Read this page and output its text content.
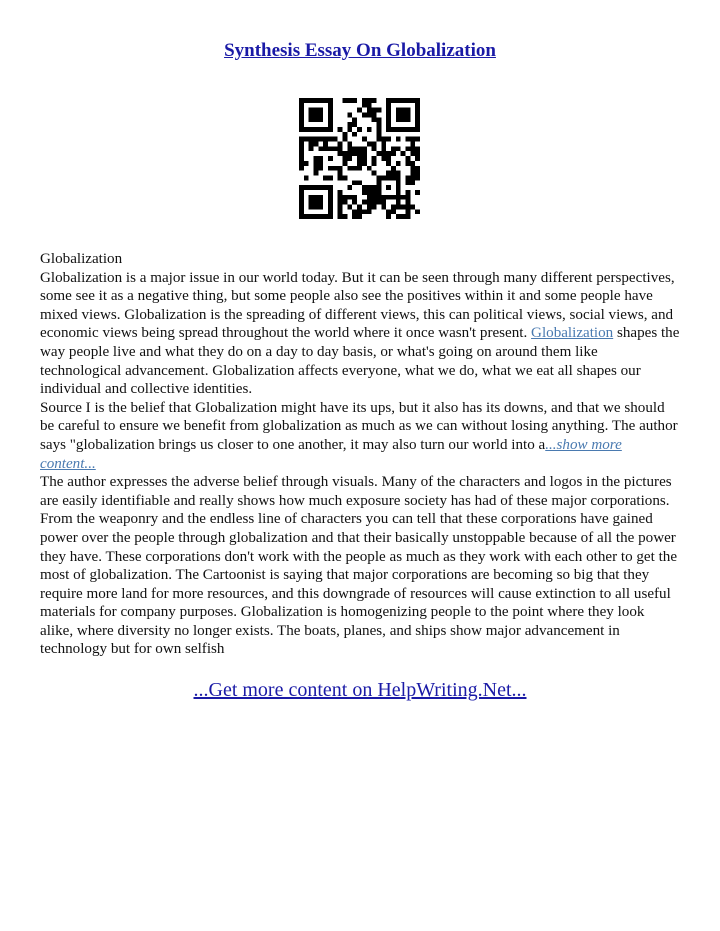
Synthesis Essay On Globalization

Globalization

Globalization is a major issue in our world today. But it can be seen through many different perspectives, some see it as a negative thing, but some people also see the positives within it and some people have mixed views. Globalization is the spreading of different views, this can political views, social views, and economic views being spread throughout the world where it once wasn't present. Globalization shapes the way people live and what they do on a day to day basis, or what's going on around them like technological advancement. Globalization affects everyone, what we do, what we eat all shapes our individual and collective identities.

Source I is the belief that Globalization might have its ups, but it also has its downs, and that we should be careful to ensure we benefit from globalization as much as we can without losing anything. The author says "globalization brings us closer to one another, it may also turn our world into a...show more content...

The author expresses the adverse belief through visuals. Many of the characters and logos in the pictures are easily identifiable and really shows how much exposure society has had of these major corporations. From the weaponry and the endless line of characters you can tell that these corporations have gained power over the people through globalization and that their basically unstoppable because of all the power they have. These corporations don't work with the people as much as they work with each other to get the most of globalization. The Cartoonist is saying that major corporations are becoming so big that they require more land for more resources, and this downgrade of resources will cause extinction to all useful materials for company purposes. Globalization is homogenizing people to the point where they look alike, where diversity no longer exists. The boats, planes, and ships show major advancement in technology but for own selfish

...Get more content on HelpWriting.Net...
